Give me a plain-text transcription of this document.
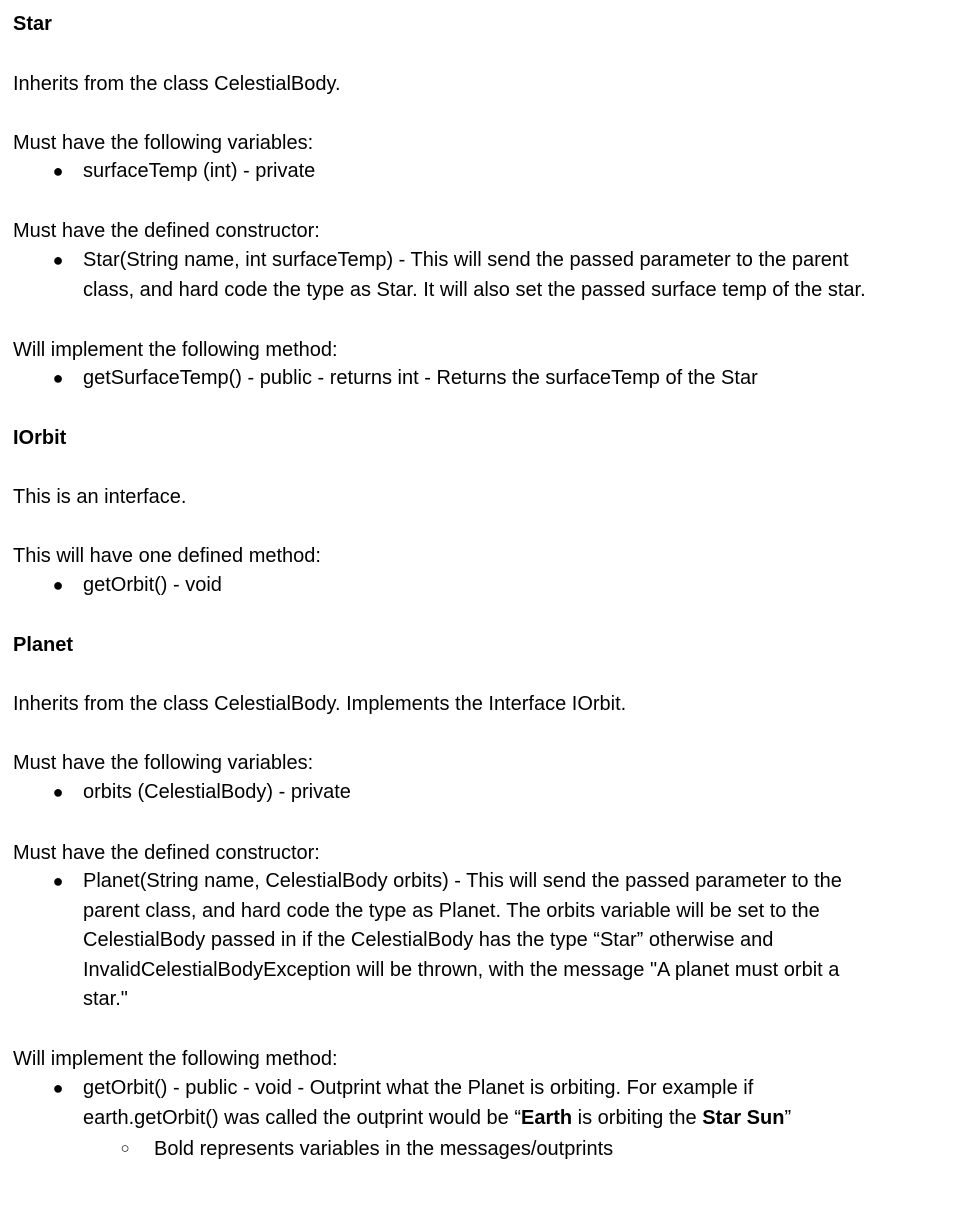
Star
Inherits from the class CelestialBody.
Must have the following variables:
● surfaceTemp (int) - private
Must have the defined constructor:
● Star(String name, int surfaceTemp) - This will send the passed parameter to the parent
class, and hard code the type as Star. It will also set the passed surface temp of the star.
Will implement the following method:
● getSurfaceTemp() - public - returns int - Returns the surfaceTemp of the Star
IOrbit
This is an interface.
This will have one defined method:
● getOrbit() - void
Planet
Inherits from the class CelestialBody. Implements the Interface IOrbit.
Must have the following variables:
● orbits (CelestialBody) - private
Must have the defined constructor:
● Planet(String name, CelestialBody orbits) - This will send the passed parameter to the
parent class, and hard code the type as Planet. The orbits variable will be set to the
CelestialBody passed in if the CelestialBody has the type “Star” otherwise and
InvalidCelestialBodyException will be thrown, with the message "A planet must orbit a
star."
Will implement the following method:
● getOrbit() - public - void - Outprint what the Planet is orbiting. For example if
earth.getOrbit() was called the outprint would be “Earth is orbiting the Star Sun”
○ Bold represents variables in the messages/outprints
